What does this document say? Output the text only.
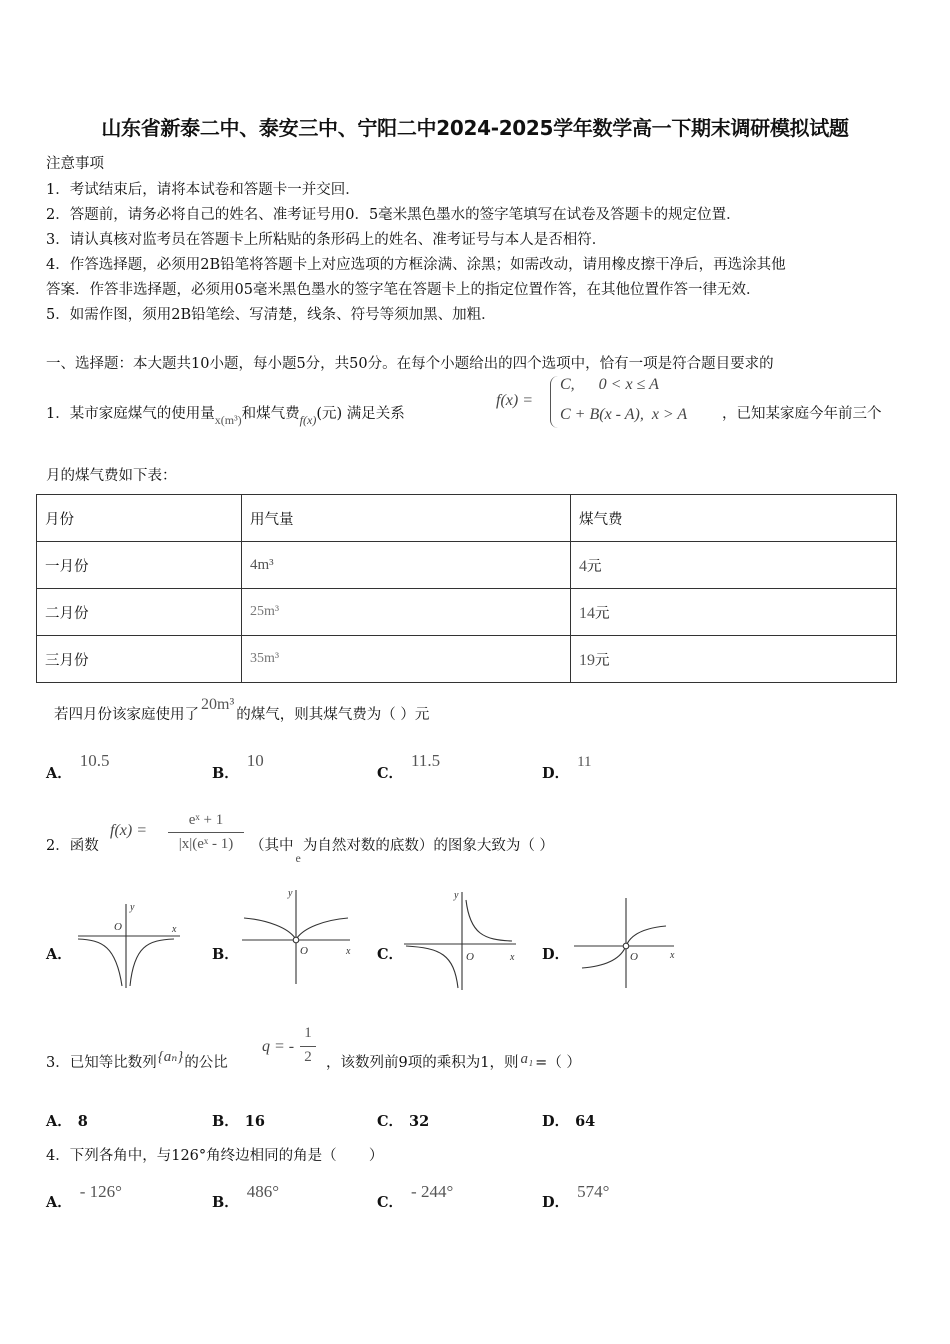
山东省新泰二中、泰安三中、宁阳二中2024-2025学年数学高一下期末调研模拟试题
注意事项
1．考试结束后，请将本试卷和答题卡一并交回．
2．答题前，请务必将自己的姓名、准考证号用0．5毫米黑色墨水的签字笔填写在试卷及答题卡的规定位置．
3．请认真核对监考员在答题卡上所粘贴的条形码上的姓名、准考证号与本人是否相符．
4．作答选择题，必须用2B铅笔将答题卡上对应选项的方框涂满、涂黑；如需改动，请用橡皮擦干净后，再选涂其他
答案．作答非选择题，必须用05毫米黑色墨水的签字笔在答题卡上的指定位置作答，在其他位置作答一律无效．
5．如需作图，须用2B铅笔绘、写清楚，线条、符号等须加黑、加粗．
一、选择题：本大题共10小题，每小题5分，共50分。在每个小题给出的四个选项中，恰有一项是符合题目要求的
1．某市家庭煤气的使用量$_{x(m^3)}$和煤气费$_{f(x)}$(元) 满足关系
f(x) =
C,      0 < x ≤ A
C + B(x - A),  x > A ，已知某家庭今年前三个
月的煤气费如下表：
月份	用气量	煤气费
一月份	4m³	4元
二月份	25m³	14元
三月份	35m³	19元
若四月份该家庭使用了20m³的煤气，则其煤气费为（ ）元
A．10.5
B．10
C．11.5
D．11
2．函数
f(x) =
eˣ + 1
|x|(eˣ - 1)	（其中$_e$为自然对数的底数）的图象大致为（ ）
A．	B．	C．	D．
y
x
O
y
x
O
y
x
O	O	x
3．已知等比数列{aₙ}的公比
q = -
1
2 ，该数列前9项的乘积为1，则 a₁ =（ ）
A． 8	B． 16	C． 32	D． 64
4．下列各角中，与126°角终边相同的角是（       ）
A．- 126°
B．486°
C．- 244°
D．574°
